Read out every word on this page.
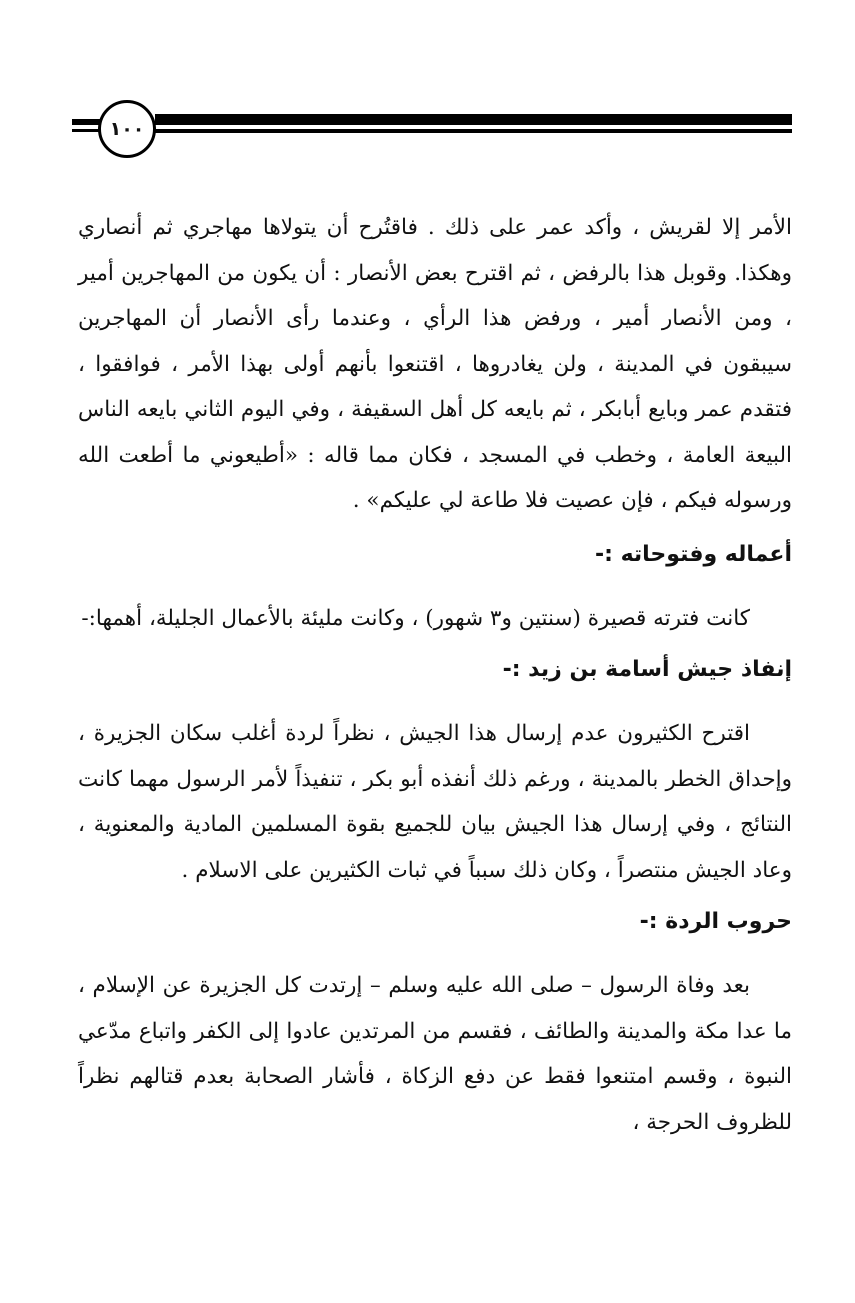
١٠٠

الأمر إلا لقريش ، وأكد عمر على ذلك . فاقتُرح أن يتولاها مهاجري ثم أنصاري وهكذا. وقوبل هذا بالرفض ، ثم اقترح بعض الأنصار : أن يكون من المهاجرين أمير ، ومن الأنصار أمير ، ورفض هذا الرأي ، وعندما رأى الأنصار أن المهاجرين سيبقون في المدينة ، ولن يغادروها ، اقتنعوا بأنهم أولى بهذا الأمر ، فوافقوا ، فتقدم عمر وبايع أبابكر ، ثم بايعه كل أهل السقيفة ، وفي اليوم الثاني بايعه الناس البيعة العامة ، وخطب في المسجد ، فكان مما قاله : «أطيعوني ما أطعت الله ورسوله فيكم ، فإن عصيت فلا طاعة لي عليكم» .

أعماله وفتوحاته :-

كانت فترته قصيرة (سنتين و٣ شهور) ، وكانت مليئة بالأعمال الجليلة، أهمها:-

إنفاذ جيش أسامة بن زيد :-

اقترح الكثيرون عدم إرسال هذا الجيش ، نظراً لردة أغلب سكان الجزيرة ، وإحداق الخطر بالمدينة ، ورغم ذلك أنفذه أبو بكر ، تنفيذاً لأمر الرسول مهما كانت النتائج ، وفي إرسال هذا الجيش بيان للجميع بقوة المسلمين المادية والمعنوية ، وعاد الجيش منتصراً ، وكان ذلك سبباً في ثبات الكثيرين على الاسلام .

حروب الردة :-

بعد وفاة الرسول – صلى الله عليه وسلم – إرتدت كل الجزيرة عن الإسلام ، ما عدا مكة والمدينة والطائف ، فقسم من المرتدين عادوا إلى الكفر واتباع مدّعي النبوة ، وقسم امتنعوا فقط عن دفع الزكاة ، فأشار الصحابة بعدم قتالهم نظراً للظروف الحرجة ،
